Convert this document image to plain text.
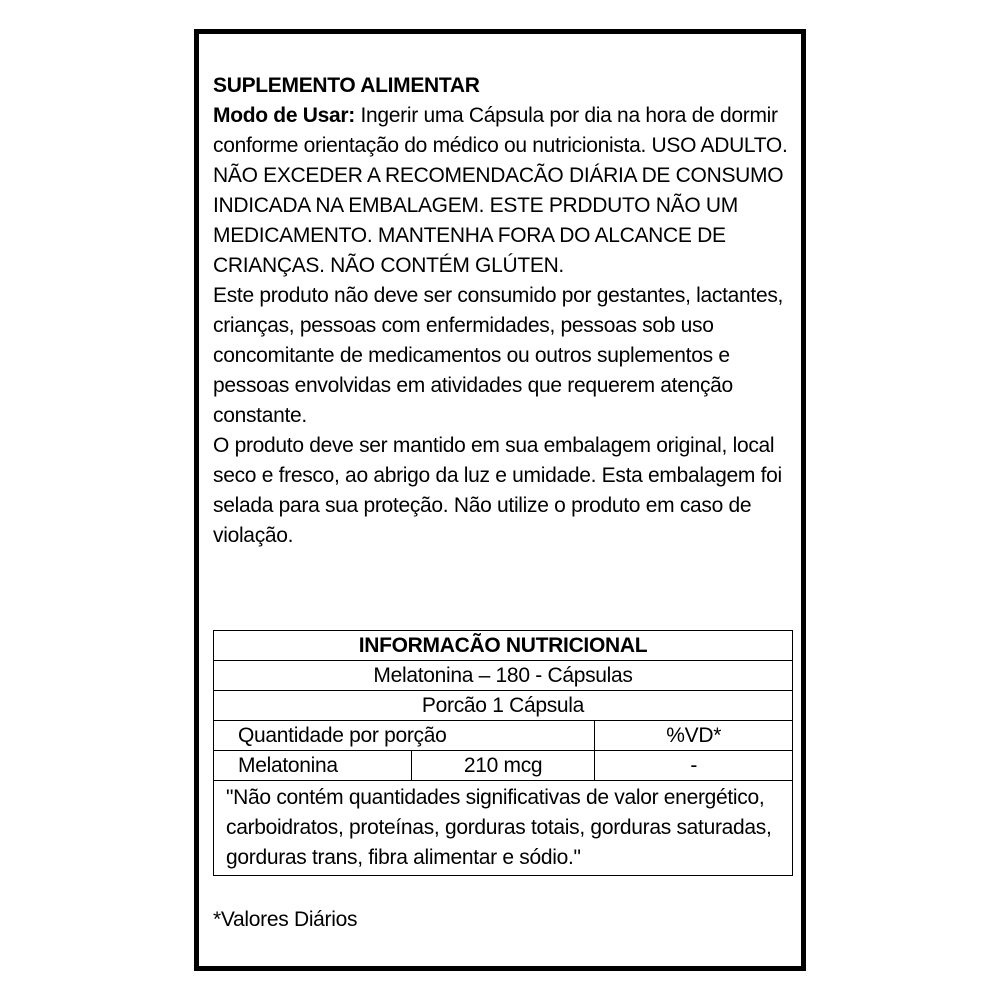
SUPLEMENTO ALIMENTAR

Modo de Usar: Ingerir uma Cápsula por dia na hora de dormir

conforme orientação do médico ou nutricionista. USO ADULTO.

NÃO EXCEDER A RECOMENDACÃO DIÁRIA DE CONSUMO INDICADA NA EMBALAGEM. ESTE PRDDUTO NÃO UM MEDICAMENTO. MANTENHA FORA DO ALCANCE DE CRIANÇAS. NÃO CONTÉM GLÚTEN.

Este produto não deve ser consumido por gestantes, lactantes, crianças, pessoas com enfermidades, pessoas sob uso concomitante de medicamentos ou outros suplementos e pessoas envolvidas em atividades que requerem atenção constante.

O produto deve ser mantido em sua embalagem original, local seco e fresco, ao abrigo da luz e umidade. Esta embalagem foi selada para sua proteção. Não utilize o produto em caso de violação.

INFORMACÃO NUTRICIONAL		
Melatonina – 180 - Cápsulas		
Porcão 1 Cápsula		
Quantidade por porção		%VD*
Melatonina	210 mcg	-
"Não contém quantidades significativas de valor energético, carboidratos, proteínas, gorduras totais, gorduras saturadas, gorduras trans, fibra alimentar e sódio."		
*Valores Diários
